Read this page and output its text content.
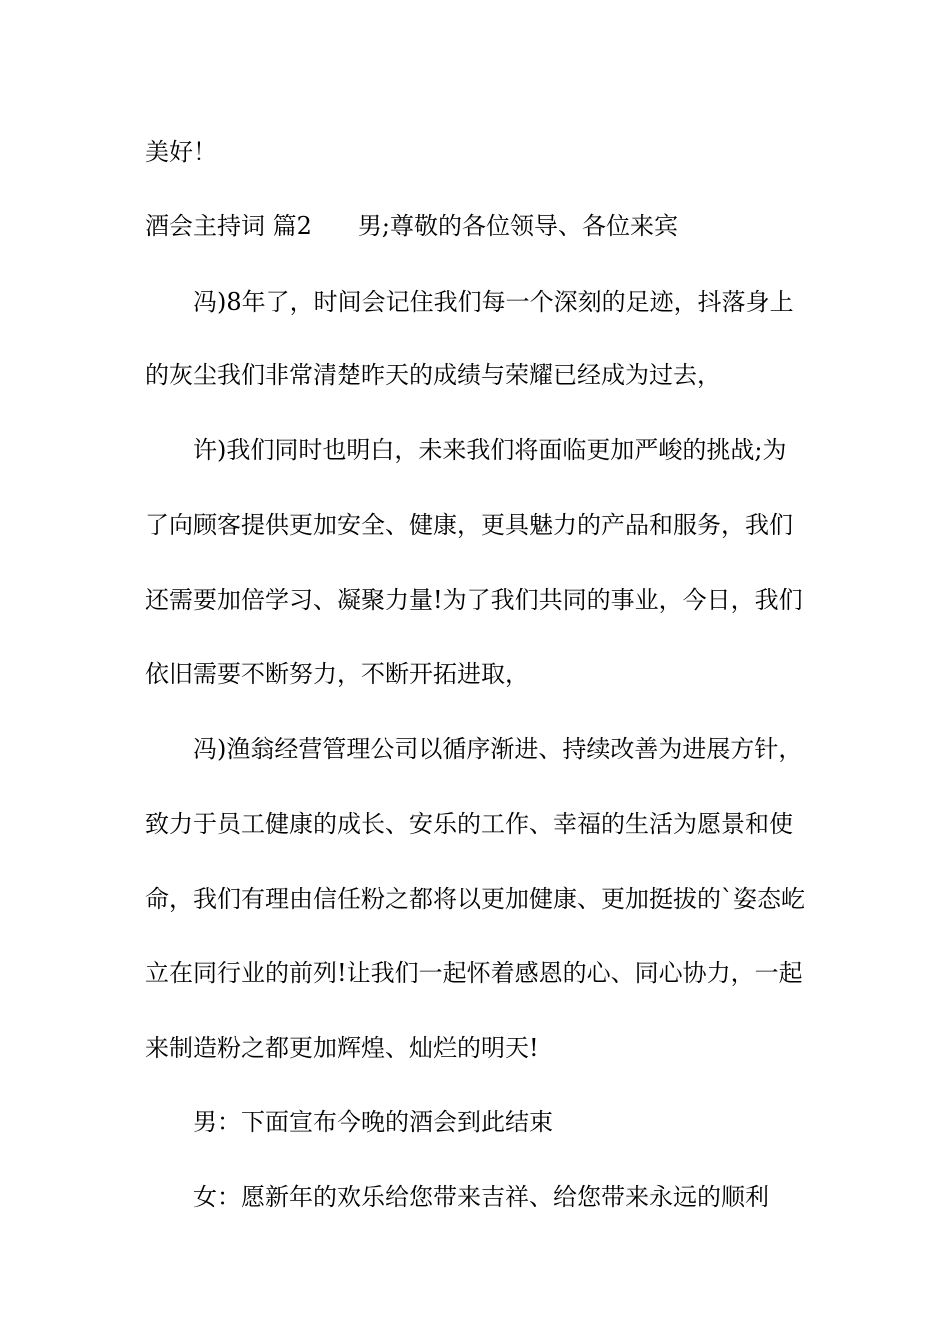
美好！
酒会主持词 篇2 男;尊敬的各位领导、各位来宾
冯)8年了，时间会记住我们每一个深刻的足迹，抖落身上
的灰尘我们非常清楚昨天的成绩与荣耀已经成为过去，
许)我们同时也明白，未来我们将面临更加严峻的挑战;为
了向顾客提供更加安全、健康，更具魅力的产品和服务，我们
还需要加倍学习、凝聚力量!为了我们共同的事业，今日，我们
依旧需要不断努力，不断开拓进取，
冯)渔翁经营管理公司以循序渐进、持续改善为进展方针，
致力于员工健康的成长、安乐的工作、幸福的生活为愿景和使
命，我们有理由信任粉之都将以更加健康、更加挺拔的`姿态屹
立在同行业的前列!让我们一起怀着感恩的心、同心协力，一起
来制造粉之都更加辉煌、灿烂的明天!
男：下面宣布今晚的酒会到此结束
女：愿新年的欢乐给您带来吉祥、给您带来永远的顺利
